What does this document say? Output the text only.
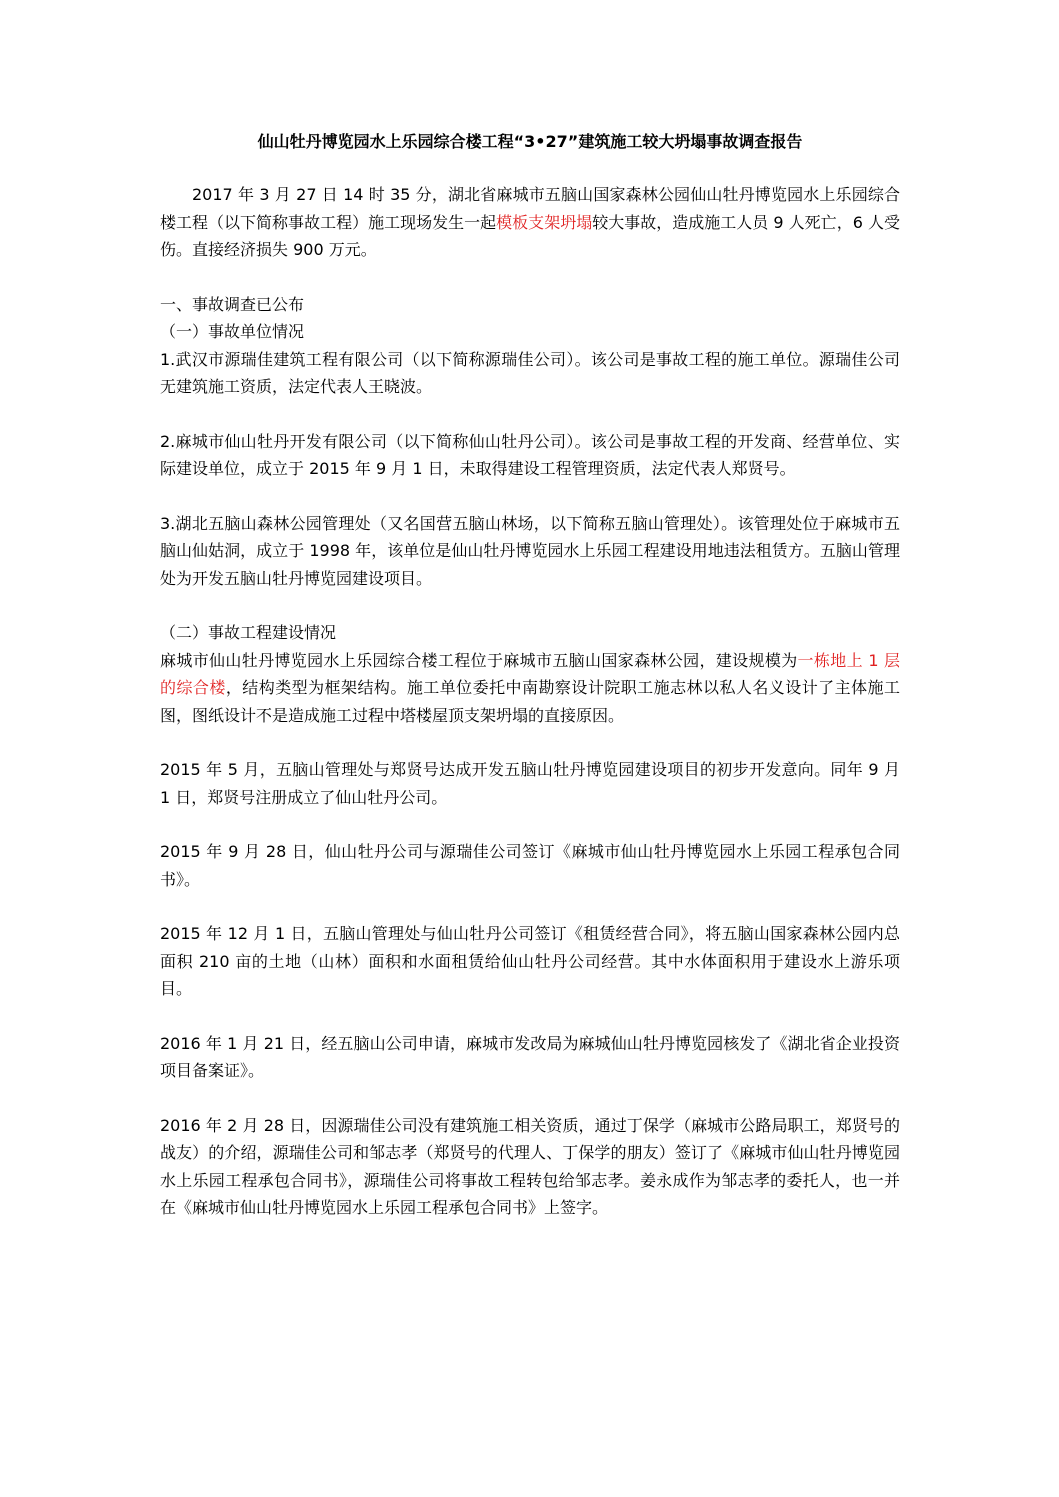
仙山牡丹博览园水上乐园综合楼工程“3•27”建筑施工较大坍塌事故调查报告

2017 年 3 月 27 日 14 时 35 分，湖北省麻城市五脑山国家森林公园仙山牡丹博览园水上乐园综合楼工程（以下简称事故工程）施工现场发生一起模板支架坍塌较大事故，造成施工人员 9 人死亡，6 人受伤。直接经济损失 900 万元。

一、事故调查已公布

（一）事故单位情况

1.武汉市源瑞佳建筑工程有限公司（以下简称源瑞佳公司）。该公司是事故工程的施工单位。源瑞佳公司无建筑施工资质，法定代表人王晓波。

2.麻城市仙山牡丹开发有限公司（以下简称仙山牡丹公司）。该公司是事故工程的开发商、经营单位、实际建设单位，成立于 2015 年 9 月 1 日，未取得建设工程管理资质，法定代表人郑贤号。

3.湖北五脑山森林公园管理处（又名国营五脑山林场，以下简称五脑山管理处）。该管理处位于麻城市五脑山仙姑洞，成立于 1998 年，该单位是仙山牡丹博览园水上乐园工程建设用地违法租赁方。五脑山管理处为开发五脑山牡丹博览园建设项目。

（二）事故工程建设情况

麻城市仙山牡丹博览园水上乐园综合楼工程位于麻城市五脑山国家森林公园，建设规模为一栋地上 1 层的综合楼，结构类型为框架结构。施工单位委托中南勘察设计院职工施志林以私人名义设计了主体施工图，图纸设计不是造成施工过程中塔楼屋顶支架坍塌的直接原因。

2015 年 5 月，五脑山管理处与郑贤号达成开发五脑山牡丹博览园建设项目的初步开发意向。同年 9 月 1 日，郑贤号注册成立了仙山牡丹公司。

2015 年 9 月 28 日，仙山牡丹公司与源瑞佳公司签订《麻城市仙山牡丹博览园水上乐园工程承包合同书》。

2015 年 12 月 1 日，五脑山管理处与仙山牡丹公司签订《租赁经营合同》，将五脑山国家森林公园内总面积 210 亩的土地（山林）面积和水面租赁给仙山牡丹公司经营。其中水体面积用于建设水上游乐项目。

2016 年 1 月 21 日，经五脑山公司申请，麻城市发改局为麻城仙山牡丹博览园核发了《湖北省企业投资项目备案证》。

2016 年 2 月 28 日，因源瑞佳公司没有建筑施工相关资质，通过丁保学（麻城市公路局职工，郑贤号的战友）的介绍，源瑞佳公司和邹志孝（郑贤号的代理人、丁保学的朋友）签订了《麻城市仙山牡丹博览园水上乐园工程承包合同书》，源瑞佳公司将事故工程转包给邹志孝。姜永成作为邹志孝的委托人，也一并在《麻城市仙山牡丹博览园水上乐园工程承包合同书》上签字。
